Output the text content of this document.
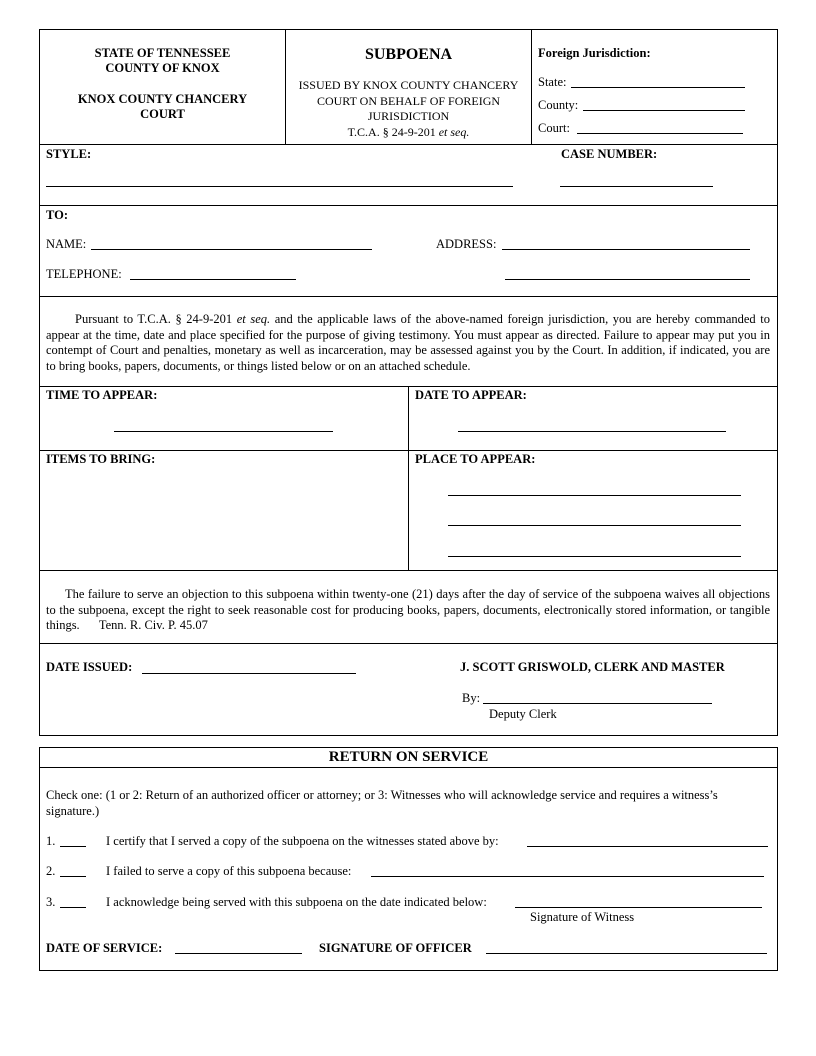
STATE OF TENNESSEE
COUNTY OF KNOX
KNOX COUNTY CHANCERY
COURT
SUBPOENA
ISSUED BY KNOX COUNTY CHANCERY
COURT ON BEHALF OF FOREIGN
JURISDICTION
T.C.A. § 24-9-201 et seq.
Foreign Jurisdiction:
State:
County:
Court:
STYLE:	CASE NUMBER:
TO:
NAME:	ADDRESS:
TELEPHONE:
Pursuant to T.C.A. § 24-9-201 et seq. and the applicable laws of the above-named foreign jurisdiction, you are hereby commanded to appear at the time, date and place specified for the purpose of giving testimony. You must appear as directed. Failure to appear may put you in contempt of Court and penalties, monetary as well as incarceration, may be assessed against you by the Court. In addition, if indicated, you are to bring books, papers, documents, or things listed below or on an attached schedule.
TIME TO APPEAR:	DATE TO APPEAR:
ITEMS TO BRING:	PLACE TO APPEAR:
The failure to serve an objection to this subpoena within twenty-one (21) days after the day of service of the subpoena waives all objections to the subpoena, except the right to seek reasonable cost for producing books, papers, documents, electronically stored information, or tangible things. Tenn. R. Civ. P. 45.07
DATE ISSUED:	J. SCOTT GRISWOLD, CLERK AND MASTER
By:
Deputy Clerk
RETURN ON SERVICE
Check one: (1 or 2: Return of an authorized officer or attorney; or 3: Witnesses who will acknowledge service and requires a witness’s signature.)
1.	I certify that I served a copy of the subpoena on the witnesses stated above by:
2.	I failed to serve a copy of this subpoena because:
3.	I acknowledge being served with this subpoena on the date indicated below:
Signature of Witness
DATE OF SERVICE:	SIGNATURE OF OFFICER
